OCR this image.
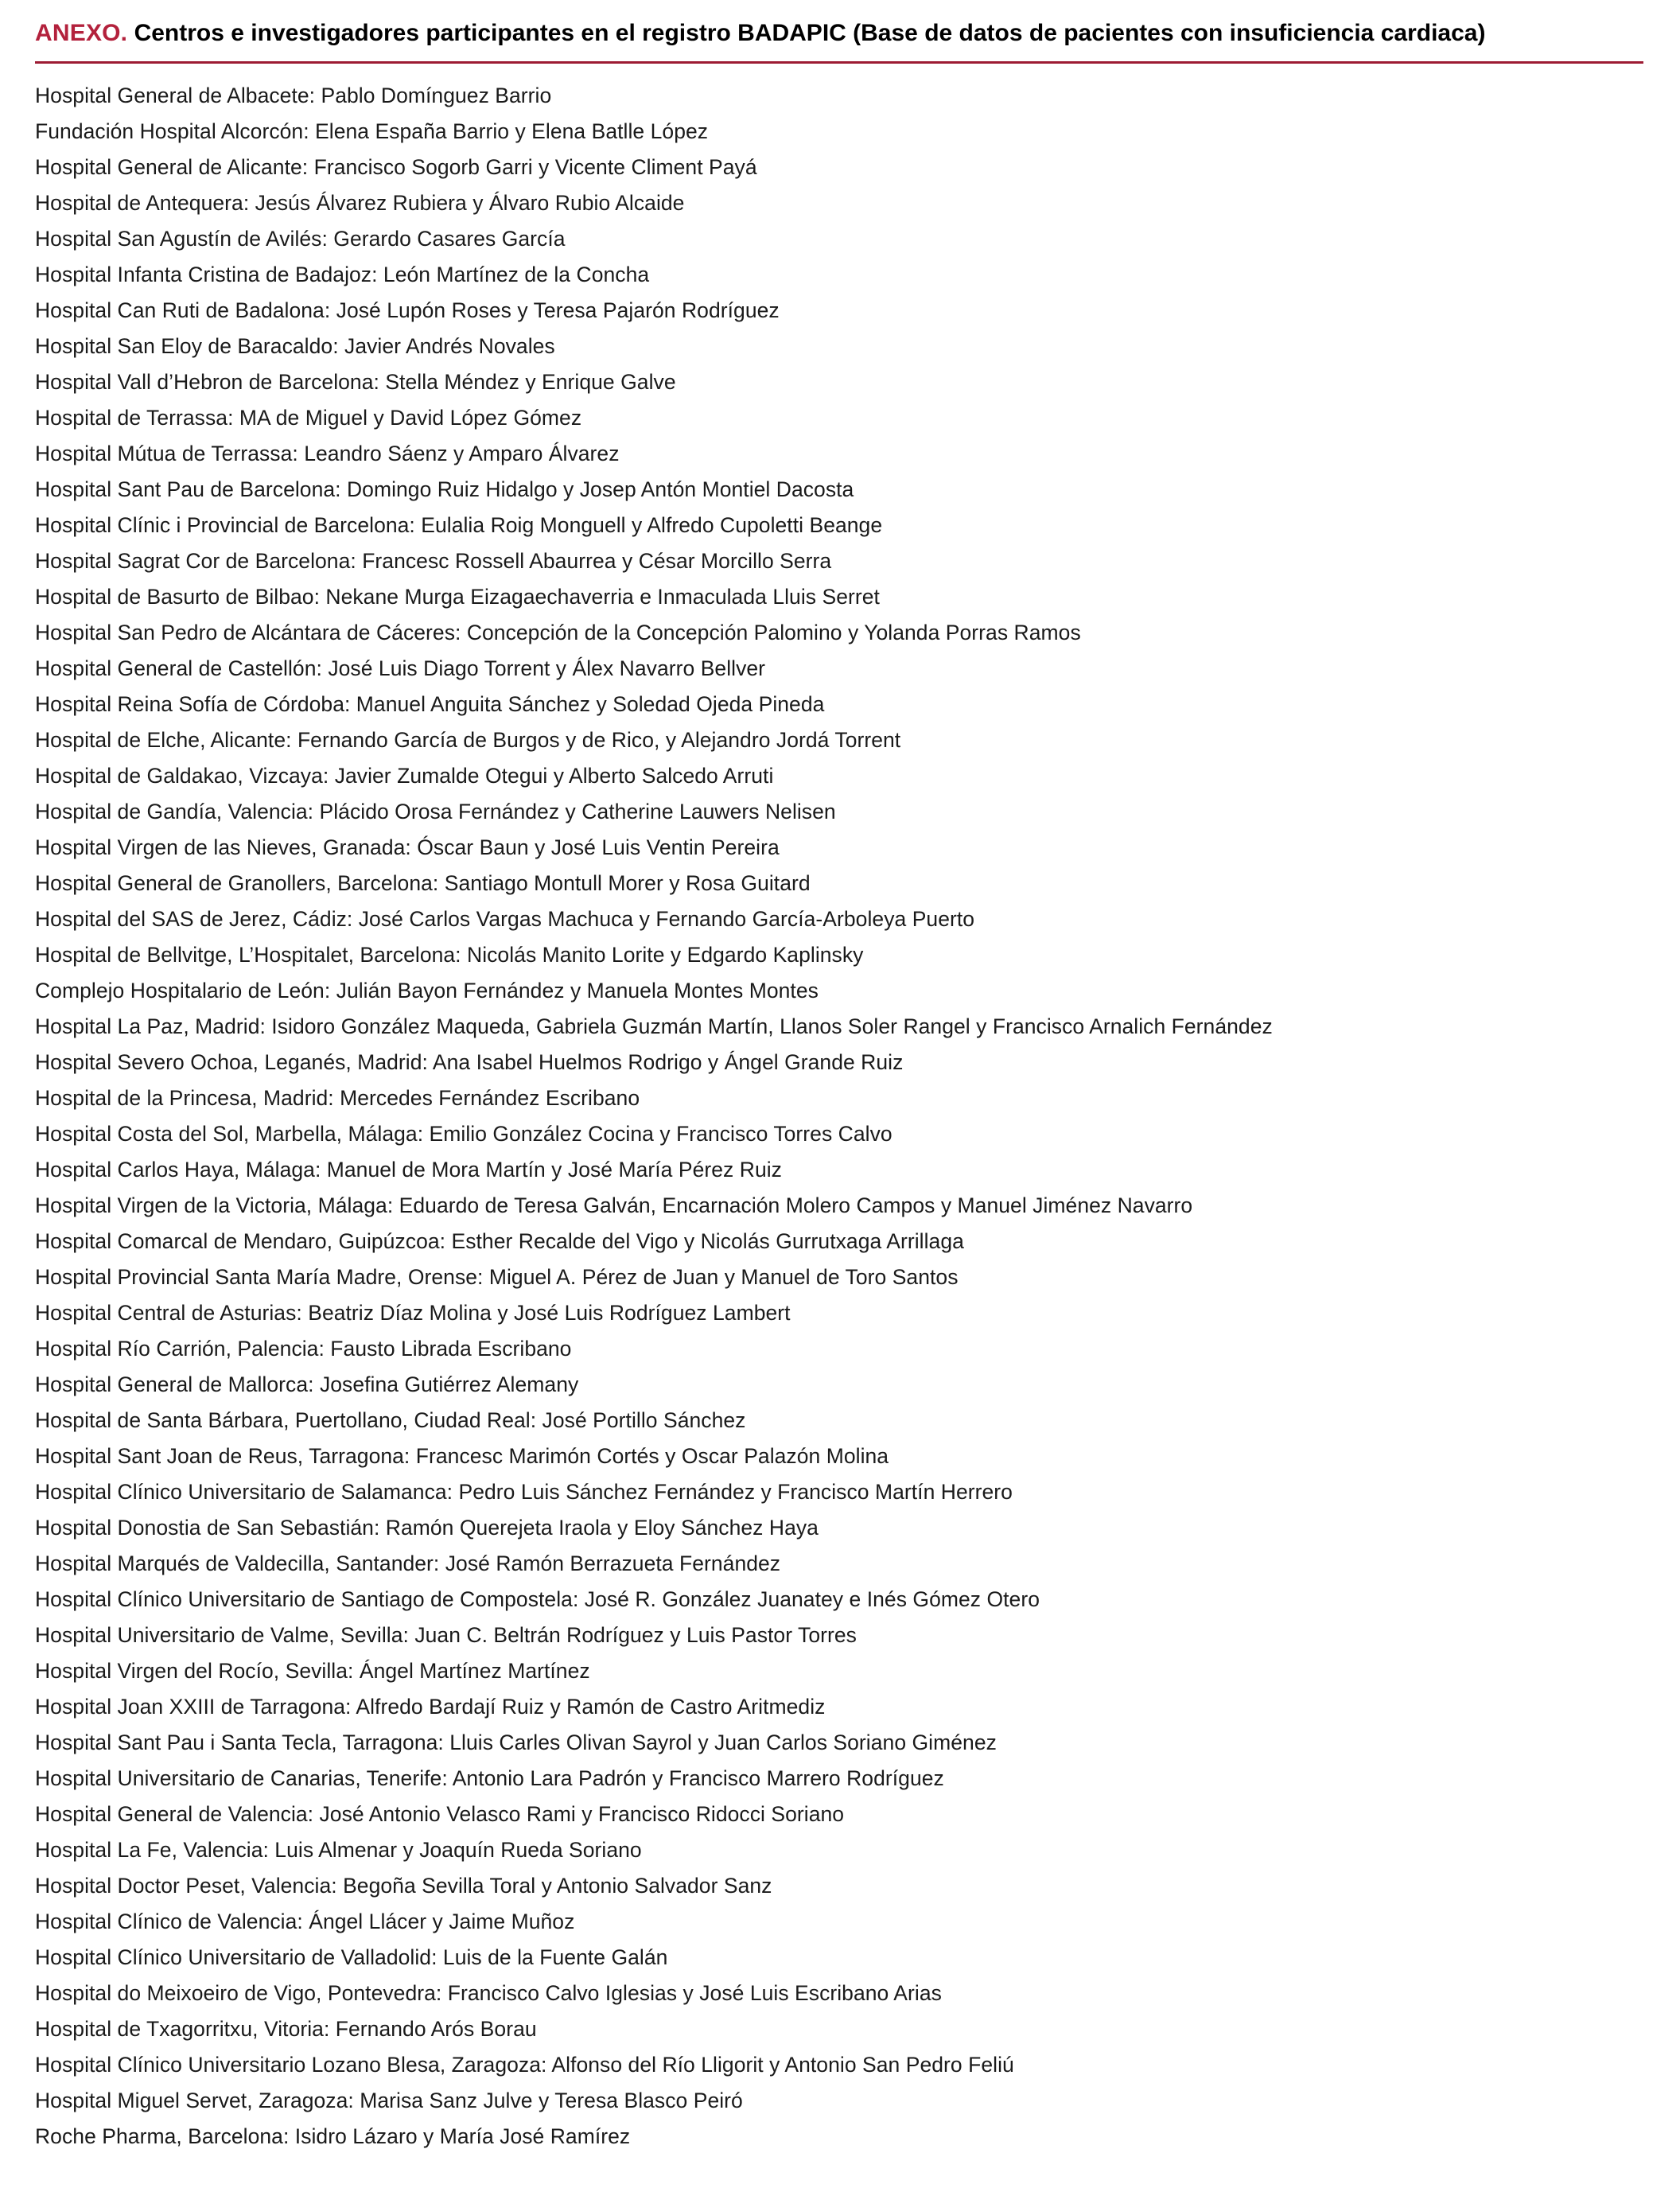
ANEXO. Centros e investigadores participantes en el registro BADAPIC (Base de datos de pacientes con insuficiencia cardiaca)
Hospital General de Albacete: Pablo Domínguez Barrio
Fundación Hospital Alcorcón: Elena España Barrio y Elena Batlle López
Hospital General de Alicante: Francisco Sogorb Garri y Vicente Climent Payá
Hospital de Antequera: Jesús Álvarez Rubiera y Álvaro Rubio Alcaide
Hospital San Agustín de Avilés: Gerardo Casares García
Hospital Infanta Cristina de Badajoz: León Martínez de la Concha
Hospital Can Ruti de Badalona: José Lupón Roses y Teresa Pajarón Rodríguez
Hospital San Eloy de Baracaldo: Javier Andrés Novales
Hospital Vall d’Hebron de Barcelona: Stella Méndez y Enrique Galve
Hospital de Terrassa: MA de Miguel y David López Gómez
Hospital Mútua de Terrassa: Leandro Sáenz y Amparo Álvarez
Hospital Sant Pau de Barcelona: Domingo Ruiz Hidalgo y Josep Antón Montiel Dacosta
Hospital Clínic i Provincial de Barcelona: Eulalia Roig Monguell y Alfredo Cupoletti Beange
Hospital Sagrat Cor de Barcelona: Francesc Rossell Abaurrea y César Morcillo Serra
Hospital de Basurto de Bilbao: Nekane Murga Eizagaechaverria e Inmaculada Lluis Serret
Hospital San Pedro de Alcántara de Cáceres: Concepción de la Concepción Palomino y Yolanda Porras Ramos
Hospital General de Castellón: José Luis Diago Torrent y Álex Navarro Bellver
Hospital Reina Sofía de Córdoba: Manuel Anguita Sánchez y Soledad Ojeda Pineda
Hospital de Elche, Alicante: Fernando García de Burgos y de Rico, y Alejandro Jordá Torrent
Hospital de Galdakao, Vizcaya: Javier Zumalde Otegui y Alberto Salcedo Arruti
Hospital de Gandía, Valencia: Plácido Orosa Fernández y Catherine Lauwers Nelisen
Hospital Virgen de las Nieves, Granada: Óscar Baun y José Luis Ventin Pereira
Hospital General de Granollers, Barcelona: Santiago Montull Morer y Rosa Guitard
Hospital del SAS de Jerez, Cádiz: José Carlos Vargas Machuca y Fernando García-Arboleya Puerto
Hospital de Bellvitge, L’Hospitalet, Barcelona: Nicolás Manito Lorite y Edgardo Kaplinsky
Complejo Hospitalario de León: Julián Bayon Fernández y Manuela Montes Montes
Hospital La Paz, Madrid: Isidoro González Maqueda, Gabriela Guzmán Martín, Llanos Soler Rangel y Francisco Arnalich Fernández
Hospital Severo Ochoa, Leganés, Madrid: Ana Isabel Huelmos Rodrigo y Ángel Grande Ruiz
Hospital de la Princesa, Madrid: Mercedes Fernández Escribano
Hospital Costa del Sol, Marbella, Málaga: Emilio González Cocina y Francisco Torres Calvo
Hospital Carlos Haya, Málaga: Manuel de Mora Martín y José María Pérez Ruiz
Hospital Virgen de la Victoria, Málaga: Eduardo de Teresa Galván, Encarnación Molero Campos y Manuel Jiménez Navarro
Hospital Comarcal de Mendaro, Guipúzcoa: Esther Recalde del Vigo y Nicolás Gurrutxaga Arrillaga
Hospital Provincial Santa María Madre, Orense: Miguel A. Pérez de Juan y Manuel de Toro Santos
Hospital Central de Asturias: Beatriz Díaz Molina y José Luis Rodríguez Lambert
Hospital Río Carrión, Palencia: Fausto Librada Escribano
Hospital General de Mallorca: Josefina Gutiérrez Alemany
Hospital de Santa Bárbara, Puertollano, Ciudad Real: José Portillo Sánchez
Hospital Sant Joan de Reus, Tarragona: Francesc Marimón Cortés y Oscar Palazón Molina
Hospital Clínico Universitario de Salamanca: Pedro Luis Sánchez Fernández y Francisco Martín Herrero
Hospital Donostia de San Sebastián: Ramón Querejeta Iraola y Eloy Sánchez Haya
Hospital Marqués de Valdecilla, Santander: José Ramón Berrazueta Fernández
Hospital Clínico Universitario de Santiago de Compostela: José R. González Juanatey e Inés Gómez Otero
Hospital Universitario de Valme, Sevilla: Juan C. Beltrán Rodríguez y Luis Pastor Torres
Hospital Virgen del Rocío, Sevilla: Ángel Martínez Martínez
Hospital Joan XXIII de Tarragona: Alfredo Bardají Ruiz y Ramón de Castro Aritmediz
Hospital Sant Pau i Santa Tecla, Tarragona: Lluis Carles Olivan Sayrol y Juan Carlos Soriano Giménez
Hospital Universitario de Canarias, Tenerife: Antonio Lara Padrón y Francisco Marrero Rodríguez
Hospital General de Valencia: José Antonio Velasco Rami y Francisco Ridocci Soriano
Hospital La Fe, Valencia: Luis Almenar y Joaquín Rueda Soriano
Hospital Doctor Peset, Valencia: Begoña Sevilla Toral y Antonio Salvador Sanz
Hospital Clínico de Valencia: Ángel Llácer y Jaime Muñoz
Hospital Clínico Universitario de Valladolid: Luis de la Fuente Galán
Hospital do Meixoeiro de Vigo, Pontevedra: Francisco Calvo Iglesias y José Luis Escribano Arias
Hospital de Txagorritxu, Vitoria: Fernando Arós Borau
Hospital Clínico Universitario Lozano Blesa, Zaragoza: Alfonso del Río Lligorit y Antonio San Pedro Feliú
Hospital Miguel Servet, Zaragoza: Marisa Sanz Julve y Teresa Blasco Peiró
Roche Pharma, Barcelona: Isidro Lázaro y María José Ramírez
